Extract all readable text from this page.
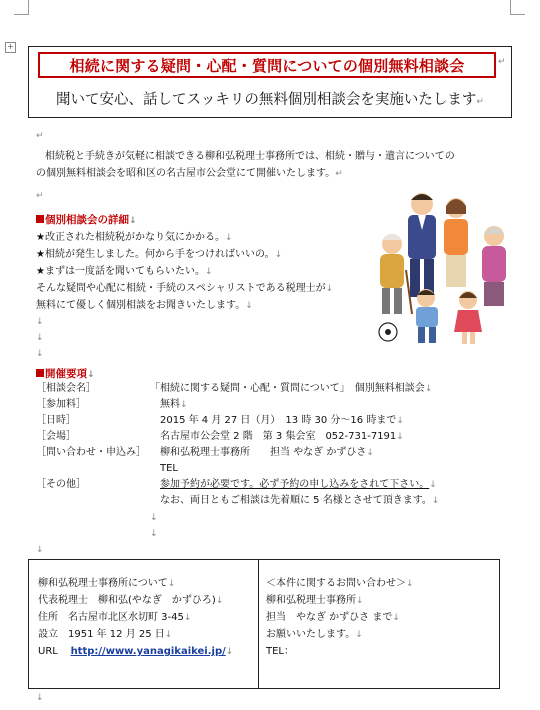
+
相続に関する疑問・心配・質問についての個別無料相談会	↵
聞いて安心、話してスッキリの無料個別相談会を実施いたします↵
↵
相続税と手続きが気軽に相談できる柳和弘税理士事務所では、相続・贈与・遺言についての
の個別無料相談会を昭和区の名古屋市公会堂にて開催いたします。↵
↵
個別相談会の詳細↓
★改正された相続税がかなり気にかかる。↓
★相続が発生しました。何から手をつければいいの。↓
★まずは一度話を聞いてもらいたい。↓
そんな疑問や心配に相続・手続のスペシャリストである税理士が↓
無料にて優しく個別相談をお聞きいたします。↓
↓
↓
↓
開催要項↓
［相談会名］	「相続に関する疑問・心配・質問について」　個別無料相談会↓
［参加料］	無料↓
［日時］	2015 年 4 月 27 日（月）　13 時 30 分～16 時まで↓
［会場］	名古屋市公会堂 2 階　第 3 集会室　052-731-7191↓
［問い合わせ・申込み］ 柳和弘税理士事務所　　担当 やなぎ かずひさ↓
TEL
［その他］	参加予約が必要です。必ず予約の申し込みをされて下さい。↓
なお、両日ともご相談は先着順に 5 名様とさせて頂きます。↓
↓
↓
↓
柳和弘税理士事務所について↓
代表税理士　柳和弘(やなぎ　かずひろ)↓
住所　名古屋市北区水切町 3-45↓
設立　1951 年 12 月 25 日↓
URL http://www.yanagikaikei.jp/↓
＜本件に関するお問い合わせ＞↓
柳和弘税理士事務所↓
担当　やなぎ かずひさ まで↓
お願いいたします。↓
TEL：
↓
